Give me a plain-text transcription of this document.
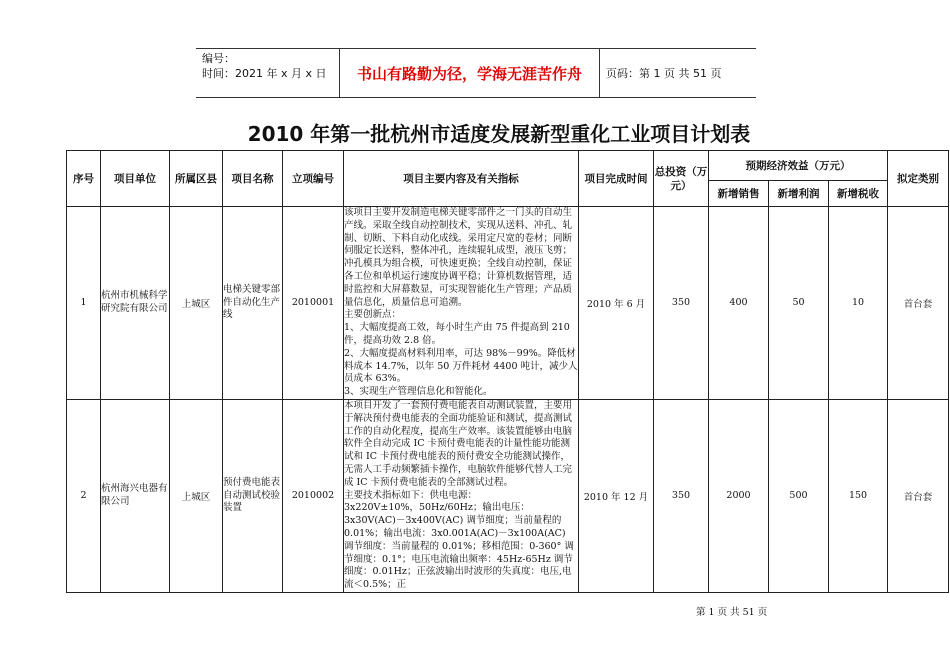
编号：
时间：2021 年 x 月 x 日	书山有路勤为径，学海无涯苦作舟	页码：第 1 页 共 51 页
2010 年第一批杭州市适度发展新型重化工业项目计划表
序号	项目单位	所属区县	项目名称	立项编号	项目主要内容及有关指标	项目完成时间	总投资（万元）	预期经济效益（万元）			拟定类别
								新增销售	新增利润	新增税收	
1	杭州市机械科学研究院有限公司	上城区	电梯关键零部件自动化生产线	2010001	该项目主要开发制造电梯关键零部件之一门头的自动生产线。采取全线自动控制技术，实现从送料、冲孔、轧制、切断、下料自动化成线。采用定尺宽的卷材；同断伺服定长送料，整体冲孔，连续辊轧成型，液压飞剪；冲孔模具为组合模，可快速更换；全线自动控制，保证各工位和单机运行速度协调平稳；计算机数据管理，适时监控和大屏幕数显，可实现智能化生产管理；产品质量信息化，质量信息可追溯。
主要创新点：
1、大幅度提高工效，每小时生产由 75 件提高到 210 件，提高功效 2.8 倍。
2、大幅度提高材料利用率，可达 98%－99%。降低材料成本 14.7%，以年 50 万件耗材 4400 吨计，减少人员成本 63%。
3、实现生产管理信息化和智能化。	2010 年 6 月	350	400	50	10	首台套
2	杭州海兴电器有限公司	上城区	预付费电能表自动测试校验装置	2010002	本项目开发了一套预付费电能表自动测试装置，主要用于解决预付费电能表的全面功能验证和测试，提高测试工作的自动化程度，提高生产效率。该装置能够由电脑软件全自动完成 IC 卡预付费电能表的计量性能功能测试和 IC 卡预付费电能表的预付费安全功能测试操作，无需人工手动频繁插卡操作，电脑软件能够代替人工完成 IC 卡预付费电能表的全部测试过程。
主要技术指标如下：供电电源：
3x220V±10%，50Hz/60Hz；输出电压：3x30V(AC)－3x400V(AC) 调节细度；当前量程的 0.01%；输出电流：3x0.001A(AC)－3x100A(AC) 调节细度：当前量程的 0.01%；移相范围：0-360° 调节细度：0.1°；电压电流输出频率：45Hz-65Hz 调节细度：0.01Hz；正弦波输出时波形的失真度：电压,电流＜0.5%；正	2010 年 12 月	350	2000	500	150	首台套
第 1 页 共 51 页
